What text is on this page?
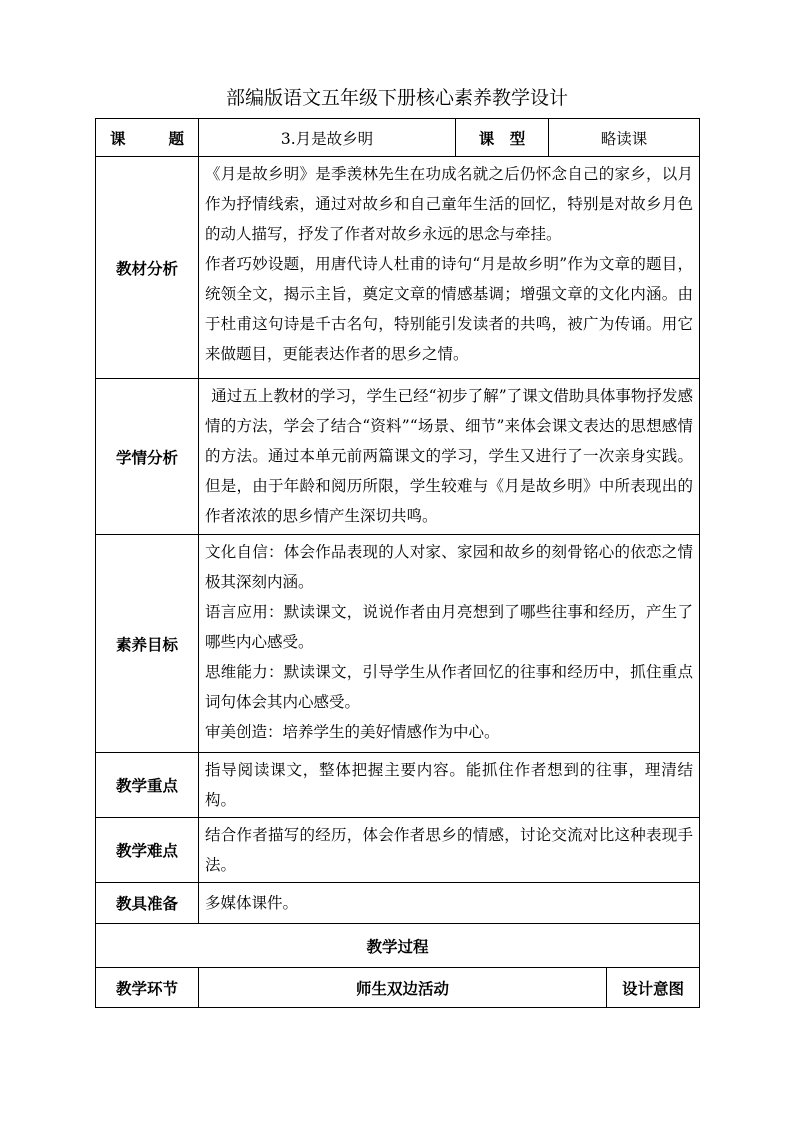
部编版语文五年级下册核心素养教学设计
课　　题	3.月是故乡明	课　型	略读课	
教材分析	《月是故乡明》是季羡林先生在功成名就之后仍怀念自己的家乡，以月作为抒情线索，通过对故乡和自己童年生活的回忆，特别是对故乡月色的动人描写，抒发了作者对故乡永远的思念与牵挂。

作者巧妙设题，用唐代诗人杜甫的诗句“月是故乡明”作为文章的题目，统领全文，揭示主旨，奠定文章的情感基调；增强文章的文化内涵。由于杜甫这句诗是千古名句，特别能引发读者的共鸣，被广为传诵。用它来做题目，更能表达作者的思乡之情。			

学情分析	通过五上教材的学习，学生已经“初步了解”了课文借助具体事物抒发感情的方法，学会了结合“资料”“场景、细节”来体会课文表达的思想感情的方法。通过本单元前两篇课文的学习，学生又进行了一次亲身实践。但是，由于年龄和阅历所限，学生较难与《月是故乡明》中所表现出的作者浓浓的思乡情产生深切共鸣。			

素养目标	文化自信：体会作品表现的人对家、家园和故乡的刻骨铭心的依恋之情极其深刻内涵。

语言应用：默读课文，说说作者由月亮想到了哪些往事和经历，产生了哪些内心感受。

思维能力：默读课文，引导学生从作者回忆的往事和经历中，抓住重点词句体会其内心感受。

审美创造：培养学生的美好情感作为中心。			

教学重点	指导阅读课文，整体把握主要内容。能抓住作者想到的往事，理清结构。			

教学难点	结合作者描写的经历，体会作者思乡的情感，讨论交流对比这种表现手法。			

教具准备	多媒体课件。			

教学过程				
教学环节	师生双边活动			设计意图
